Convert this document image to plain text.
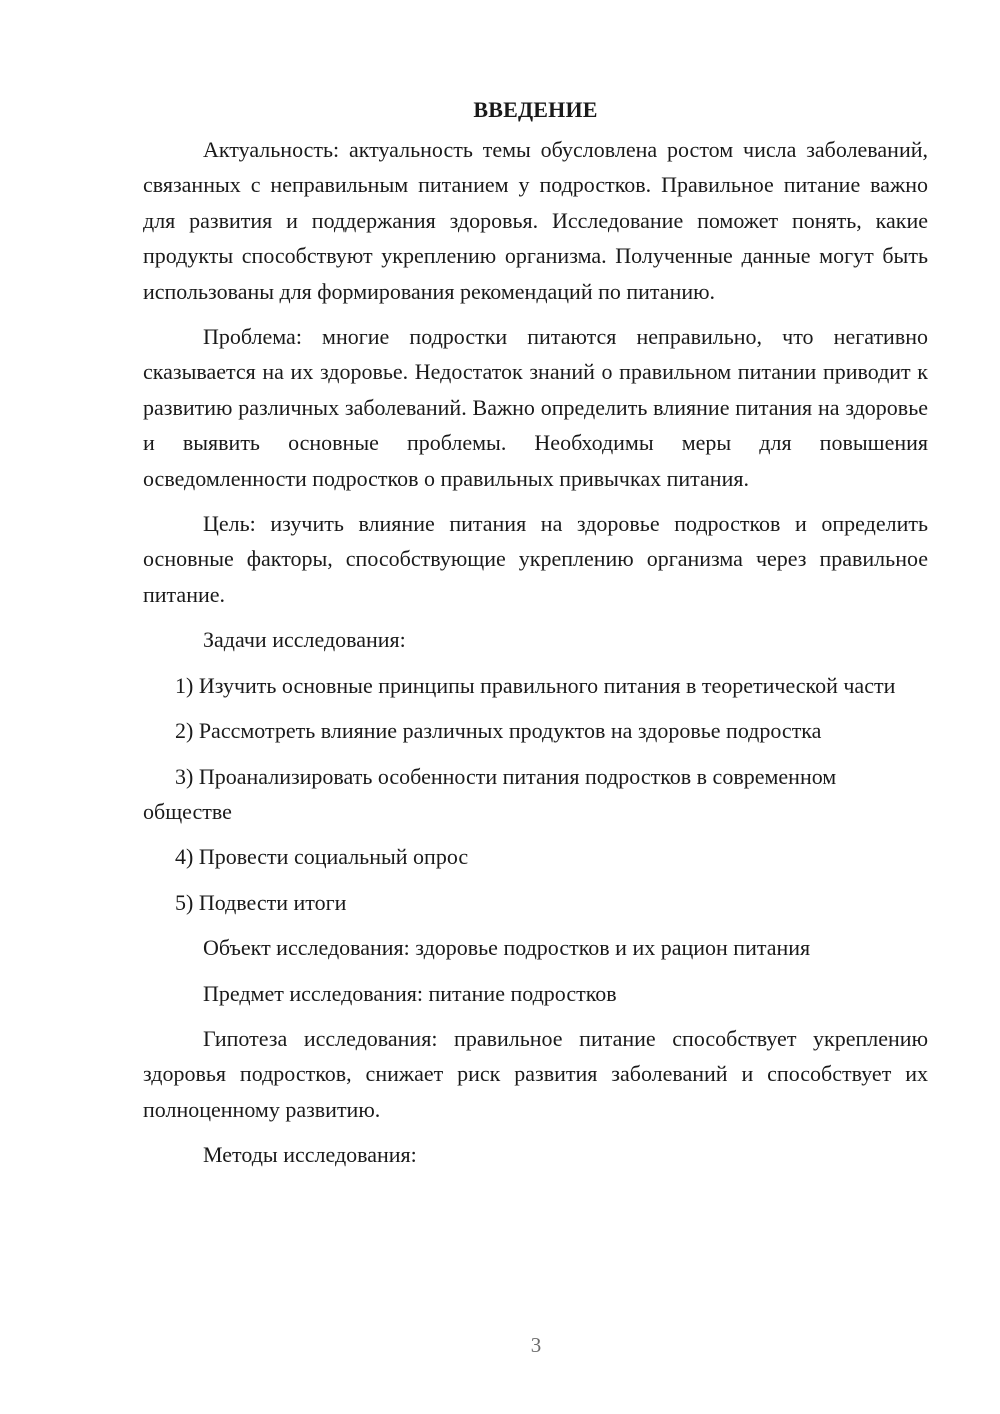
ВВЕДЕНИЕ

Актуальность: актуальность темы обусловлена ростом числа заболеваний, связанных с неправильным питанием у подростков. Правильное питание важно для развития и поддержания здоровья. Исследование поможет понять, какие продукты способствуют укреплению организма. Полученные данные могут быть использованы для формирования рекомендаций по питанию.

Проблема: многие подростки питаются неправильно, что негативно сказывается на их здоровье. Недостаток знаний о правильном питании приводит к развитию различных заболеваний. Важно определить влияние питания на здоровье и выявить основные проблемы. Необходимы меры для повышения осведомленности подростков о правильных привычках питания.

Цель: изучить влияние питания на здоровье подростков и определить основные факторы, способствующие укреплению организма через правильное питание.

Задачи исследования:

1) Изучить основные принципы правильного питания в теоретической части

2) Рассмотреть влияние различных продуктов на здоровье подростка

3) Проанализировать особенности питания подростков в современном обществе

4) Провести социальный опрос

5) Подвести итоги

Объект исследования: здоровье подростков и их рацион питания

Предмет исследования: питание подростков

Гипотеза исследования: правильное питание способствует укреплению здоровья подростков, снижает риск развития заболеваний и способствует их полноценному развитию.

Методы исследования:

3
